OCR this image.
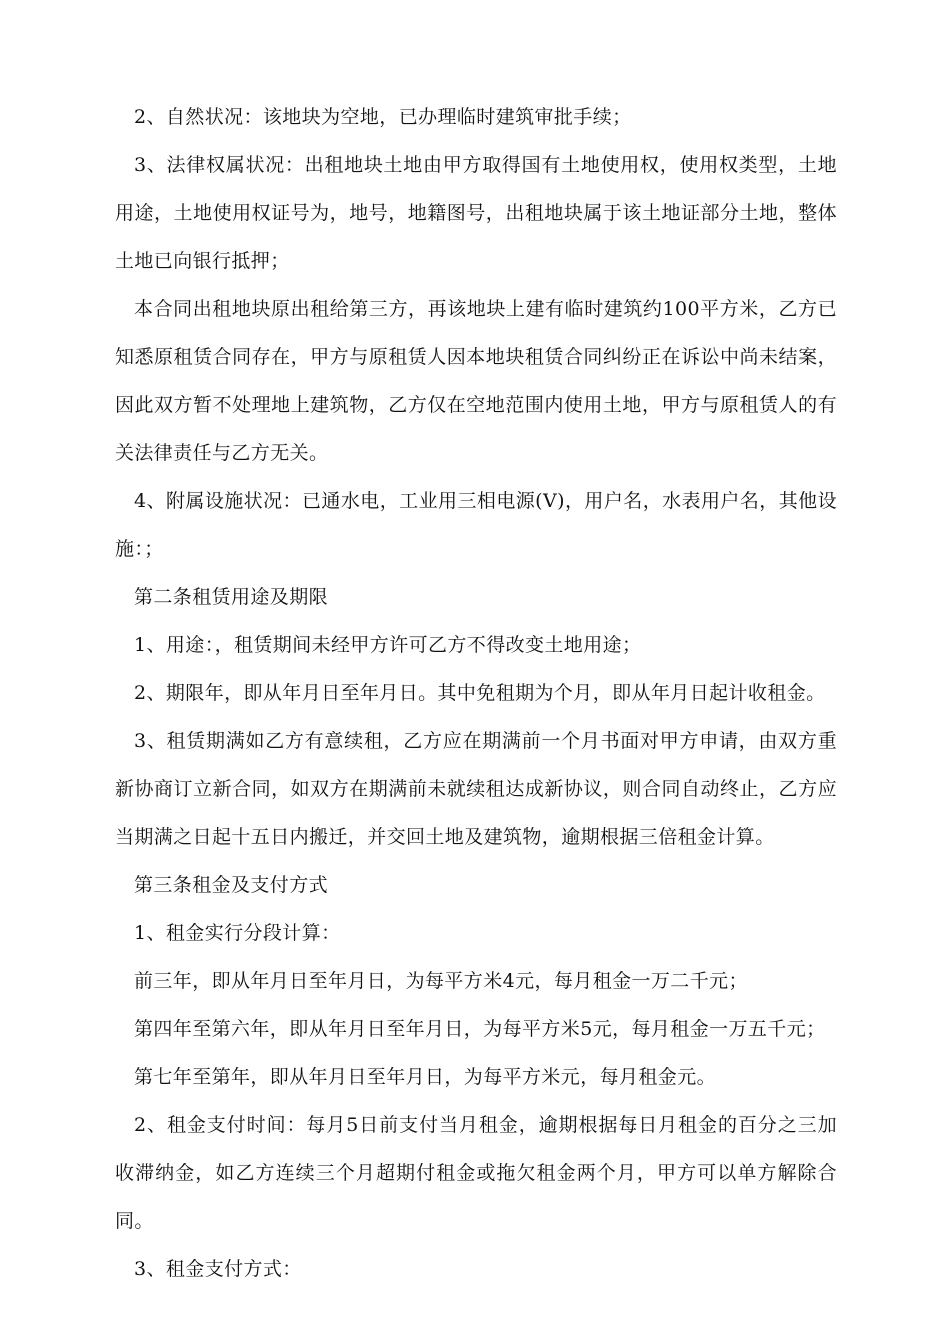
2、自然状况：该地块为空地，已办理临时建筑审批手续；

3、法律权属状况：出租地块土地由甲方取得国有土地使用权，使用权类型，土地用途，土地使用权证号为，地号，地籍图号，出租地块属于该土地证部分土地，整体土地已向银行抵押；

本合同出租地块原出租给第三方，再该地块上建有临时建筑约100平方米，乙方已知悉原租赁合同存在，甲方与原租赁人因本地块租赁合同纠纷正在诉讼中尚未结案，因此双方暂不处理地上建筑物，乙方仅在空地范围内使用土地，甲方与原租赁人的有关法律责任与乙方无关。

4、附属设施状况：已通水电，工业用三相电源(V)，用户名，水表用户名，其他设施：；

第二条租赁用途及期限

1、用途：，租赁期间未经甲方许可乙方不得改变土地用途；

2、期限年，即从年月日至年月日。其中免租期为个月，即从年月日起计收租金。

3、租赁期满如乙方有意续租，乙方应在期满前一个月书面对甲方申请，由双方重新协商订立新合同，如双方在期满前未就续租达成新协议，则合同自动终止，乙方应当期满之日起十五日内搬迁，并交回土地及建筑物，逾期根据三倍租金计算。

第三条租金及支付方式

1、租金实行分段计算：

前三年，即从年月日至年月日，为每平方米4元，每月租金一万二千元；

第四年至第六年，即从年月日至年月日，为每平方米5元，每月租金一万五千元；

第七年至第年，即从年月日至年月日，为每平方米元，每月租金元。

2、租金支付时间：每月5日前支付当月租金，逾期根据每日月租金的百分之三加收滞纳金，如乙方连续三个月超期付租金或拖欠租金两个月，甲方可以单方解除合同。

3、租金支付方式：
